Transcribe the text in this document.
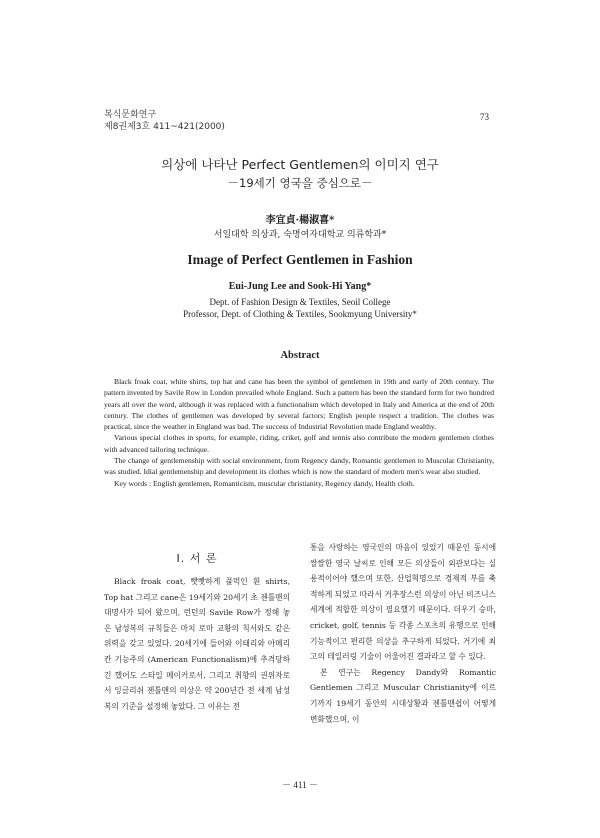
복식문화연구
제8권제3호 411~421(2000)
73
의상에 나타난 Perfect Gentlemen의 이미지 연구
－19세기 영국을 중심으로－
李宜貞·楊淑喜*
서일대학 의상과, 숙명여자대학교 의류학과*
Image of Perfect Gentlemen in Fashion
Eui-Jung Lee and Sook-Hi Yang*
Dept. of Fashion Design & Textiles, Seoil College
Professor, Dept. of Clothing & Textiles, Sookmyung University*
Abstract

Black froak coat, white shirts, top hat and cane has been the symbol of gentlemen in 19th and early of 20th century. The pattern invented by Savile Row in London prevailed whole England. Such a pattern has been the standard form for two hundred years all over the word, although it was replaced with a functionalism which developed in Italy and America at the end of 20th century. The clothes of gentlemen was developed by several factors; English people respect a tradition. The clothes was practical, since the weather in England was bad. The success of Industrial Revolution made England wealthy.

Various special clothes in sports, for example, riding, criket, golf and tennis also contribute the modern gentlemen clothes with advanced tailoring technique.

The change of gentlemenship with social environment, from Regency dandy, Romantic gentlemen to Muscular Christianity, was studied. Idial gentlemenship and development its clothes which is now the standard of modern men's wear also studied.

Key words : English gentlemen, Romanticism, muscular christianity, Regency dandy, Health cloth.

Ⅰ. 서 론

Black froak coat, 빳빳하게 풀먹인 흰 shirts, Top hat 그리고 cane은 19세기와 20세기 초 젠틀맨의 대명사가 되어 왔으며, 런던의 Savile Row가 정해 놓은 남성복의 규칙들은 마치 로마 교황의 칙서와도 같은 위력을 갖고 있었다. 20세기에 들어와 이태리와 아메리칸 기능주의 (American Functionalism)에 추격당하긴 했어도 스타일 메이커로서, 그리고 취향의 권위자로서 잉글리쉬 젠틀맨의 의상은 약 200년간 전 세계 남성복의 기준을 설정해 놓았다. 그 이유는 전

통을 사랑하는 영국인의 마음이 있었기 때문인 동시에 쌀쌀한 영국 날씨로 인해 모든 의상들이 외관보다는 실용적이어야 했으며 또한, 산업혁명으로 경제적 부를 축적하게 되었고 따라서 거추장스런 의상이 아닌 비즈니스 세계에 적합한 의상이 필요했기 때문이다. 더우기 승마, cricket, golf, tennis 등 각종 스포츠의 유행으로 인해 기능적이고 편리한 의상을 추구하게 되었다. 거기에 최고의 테일러링 기술이 어울어진 결과라고 할 수 있다.

본 연구는 Regency Dandy와 Romantic Gentlemen 그리고 Muscular Christianity에 이르기까지 19세기 동안의 시대상황과 젠틀맨쉽이 어떻게 변화했으며, 이

－ 411 －
